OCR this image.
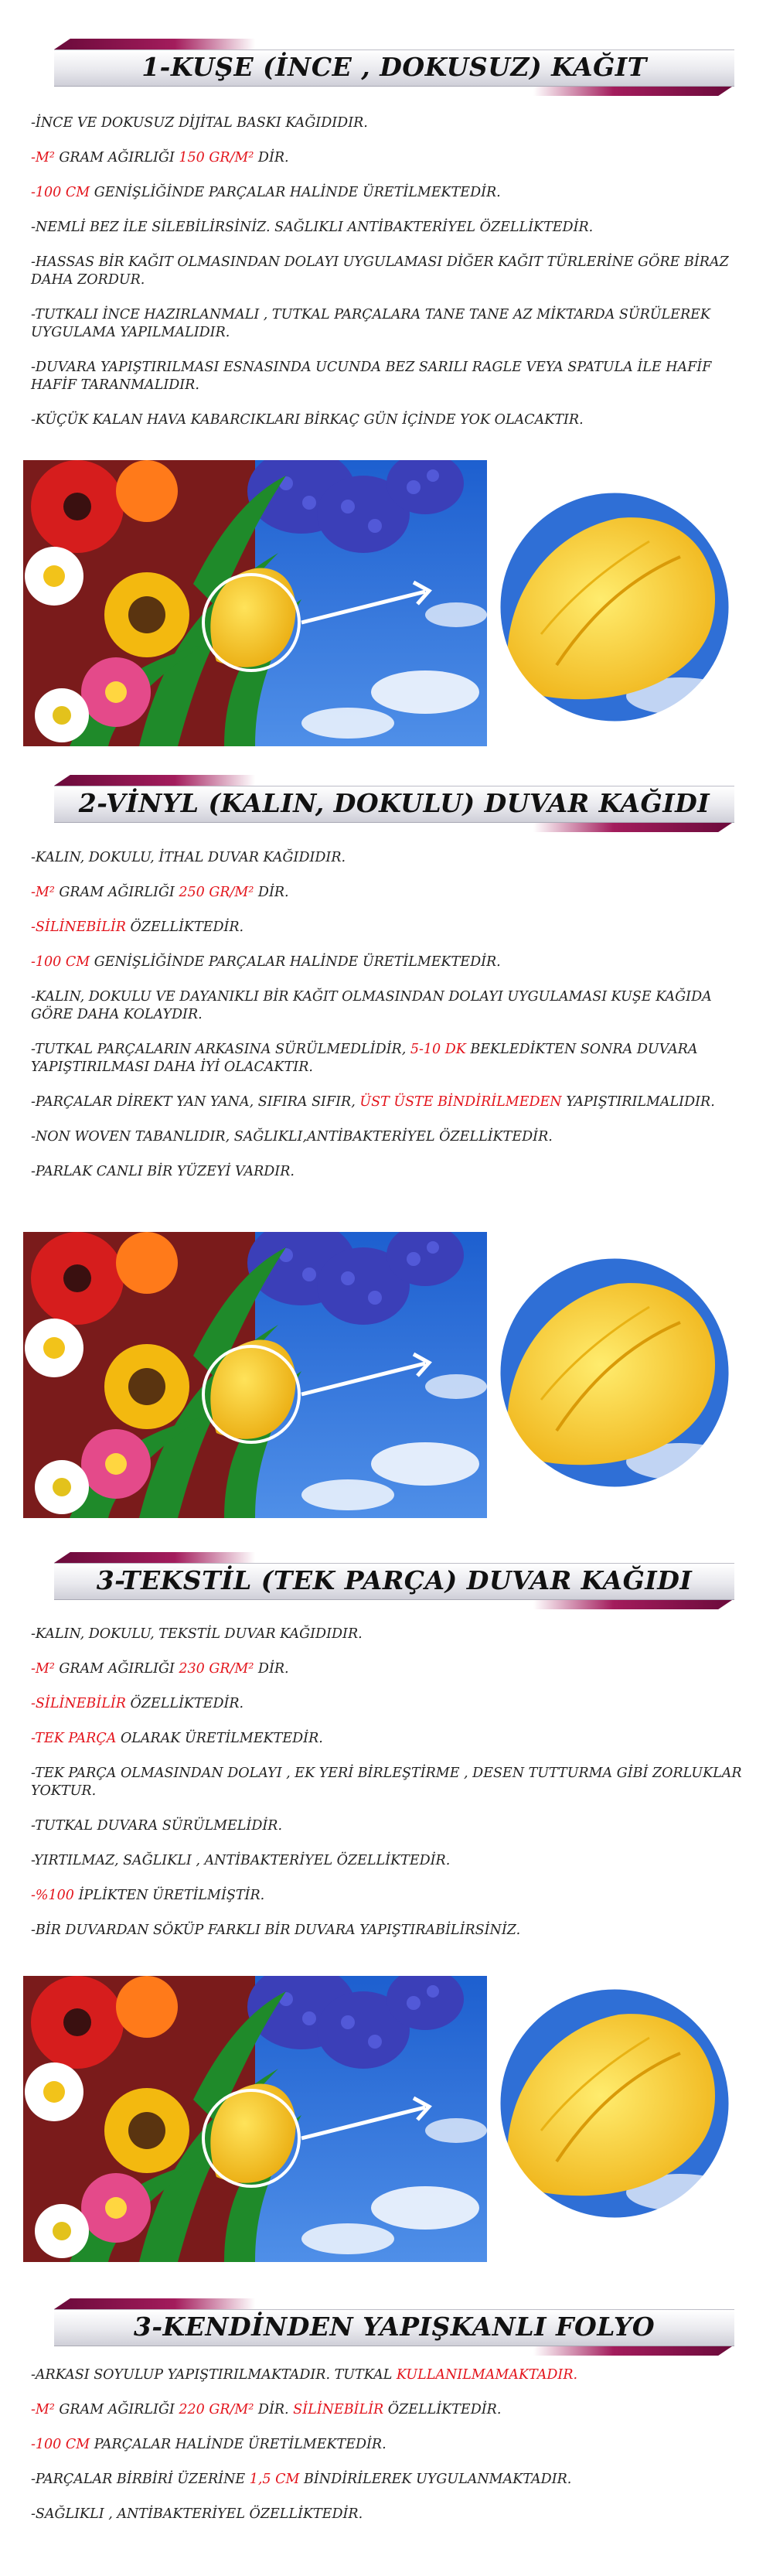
1-KUŞE (İNCE , DOKUSUZ) KAĞIT
-İNCE VE DOKUSUZ DİJİTAL BASKI KAĞIDIDIR.
-M² GRAM AĞIRLIĞI 150 GR/M² DİR.
-100 CM GENİŞLİĞİNDE PARÇALAR HALİNDE ÜRETİLMEKTEDİR.
-NEMLİ BEZ İLE SİLEBİLİRSİNİZ. SAĞLIKLI ANTİBAKTERİYEL ÖZELLİKTEDİR.
-HASSAS BİR KAĞIT OLMASINDAN DOLAYI UYGULAMASI DİĞER KAĞIT TÜRLERİNE GÖRE BİRAZ DAHA ZORDUR.
-TUTKALI İNCE HAZIRLANMALI , TUTKAL PARÇALARA TANE TANE AZ MİKTARDA SÜRÜLEREK UYGULAMA YAPILMALIDIR.
-DUVARA YAPIŞTIRILMASI ESNASINDA UCUNDA BEZ SARILI RAGLE VEYA SPATULA İLE HAFİF HAFİF TARANMALIDIR.
-KÜÇÜK KALAN HAVA KABARCIKLARI BİRKAÇ GÜN İÇİNDE YOK OLACAKTIR.
2-VİNYL (KALIN, DOKULU) DUVAR KAĞIDI
-KALIN, DOKULU, İTHAL DUVAR KAĞIDIDIR.
-M² GRAM AĞIRLIĞI 250 GR/M² DİR.
-SİLİNEBİLİR ÖZELLİKTEDİR.
-100 CM GENİŞLİĞİNDE PARÇALAR HALİNDE ÜRETİLMEKTEDİR.
-KALIN, DOKULU VE DAYANIKLI BİR KAĞIT OLMASINDAN DOLAYI UYGULAMASI KUŞE KAĞIDA GÖRE DAHA KOLAYDIR.
-TUTKAL PARÇALARIN ARKASINA SÜRÜLMEDLİDİR, 5-10 DK BEKLEDİKTEN SONRA DUVARA YAPIŞTIRILMASI DAHA İYİ OLACAKTIR.
-PARÇALAR DİREKT YAN YANA, SIFIRA SIFIR, ÜST ÜSTE BİNDİRİLMEDEN YAPIŞTIRILMALIDIR.
-NON WOVEN TABANLIDIR, SAĞLIKLI,ANTİBAKTERİYEL ÖZELLİKTEDİR.
-PARLAK CANLI BİR YÜZEYİ VARDIR.
3-TEKSTİL (TEK PARÇA) DUVAR KAĞIDI
-KALIN, DOKULU, TEKSTİL DUVAR KAĞIDIDIR.
-M² GRAM AĞIRLIĞI 230 GR/M² DİR.
-SİLİNEBİLİR ÖZELLİKTEDİR.
-TEK PARÇA OLARAK ÜRETİLMEKTEDİR.
-TEK PARÇA OLMASINDAN DOLAYI , EK YERİ BİRLEŞTİRME , DESEN TUTTURMA GİBİ ZORLUKLAR YOKTUR.
-TUTKAL DUVARA SÜRÜLMELİDİR.
-YIRTILMAZ, SAĞLIKLI , ANTİBAKTERİYEL ÖZELLİKTEDİR.
-%100 İPLİKTEN ÜRETİLMİŞTİR.
-BİR DUVARDAN SÖKÜP FARKLI BİR DUVARA YAPIŞTIRABİLİRSİNİZ.
3-KENDİNDEN YAPIŞKANLI FOLYO
-ARKASI SOYULUP YAPIŞTIRILMAKTADIR. TUTKAL KULLANILMAMAKTADIR.
-M² GRAM AĞIRLIĞI 220 GR/M² DİR. SİLİNEBİLİR ÖZELLİKTEDİR.
-100 CM PARÇALAR HALİNDE ÜRETİLMEKTEDİR.
-PARÇALAR BİRBİRİ ÜZERİNE 1,5 CM BİNDİRİLEREK UYGULANMAKTADIR.
-SAĞLIKLI , ANTİBAKTERİYEL ÖZELLİKTEDİR.
